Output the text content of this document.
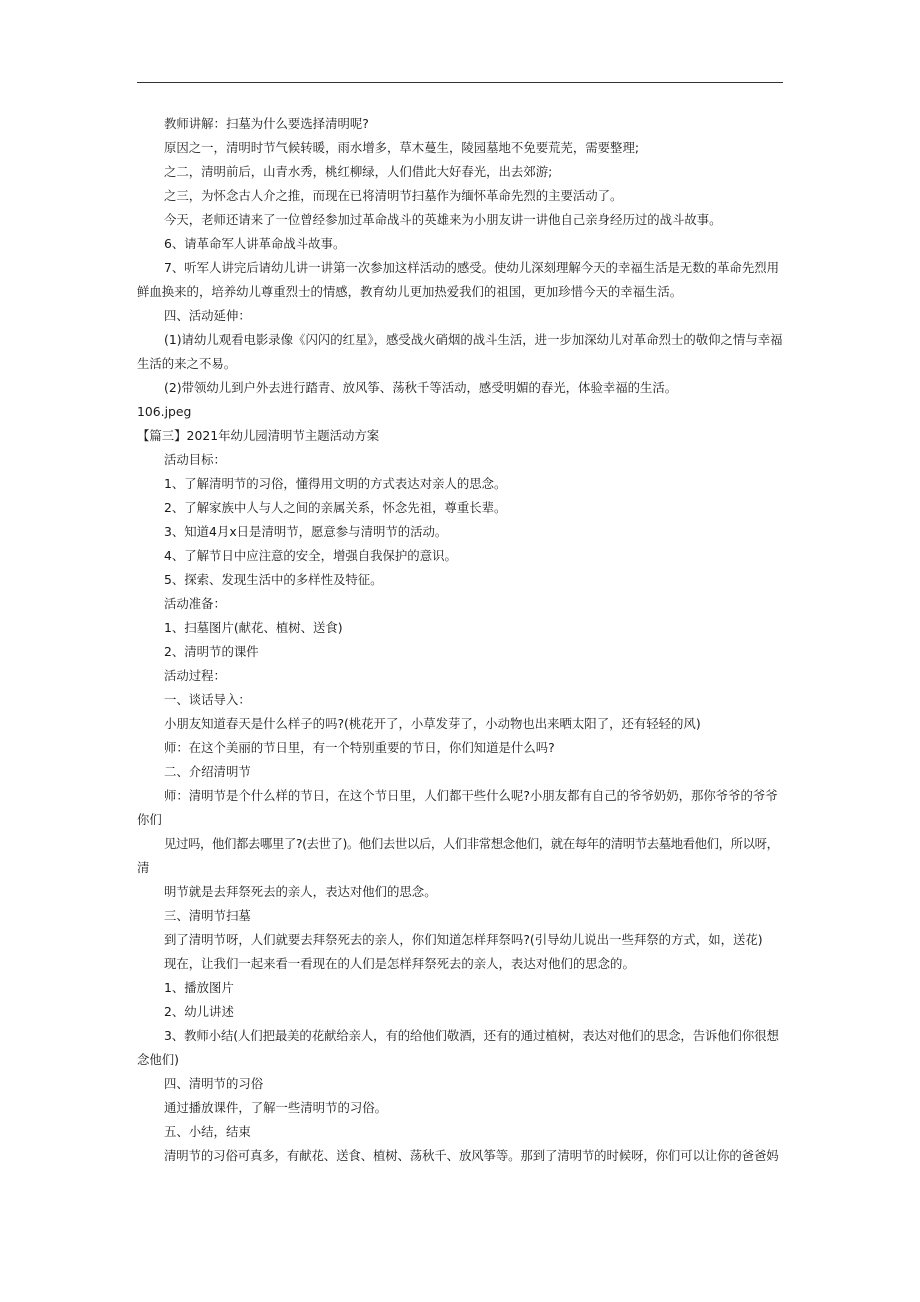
教师讲解：扫墓为什么要选择清明呢?
原因之一，清明时节气候转暖，雨水增多，草木蔓生，陵园墓地不免要荒芜，需要整理;
之二，清明前后，山青水秀，桃红柳绿，人们借此大好春光，出去郊游;
之三，为怀念古人介之推，而现在已将清明节扫墓作为缅怀革命先烈的主要活动了。
今天，老师还请来了一位曾经参加过革命战斗的英雄来为小朋友讲一讲他自己亲身经历过的战斗故事。
6、请革命军人讲革命战斗故事。
7、听军人讲完后请幼儿讲一讲第一次参加这样活动的感受。使幼儿深刻理解今天的幸福生活是无数的革命先烈用
鲜血换来的，培养幼儿尊重烈士的情感，教育幼儿更加热爱我们的祖国，更加珍惜今天的幸福生活。
四、活动延伸：
(1)请幼儿观看电影录像《闪闪的红星》，感受战火硝烟的战斗生活，进一步加深幼儿对革命烈士的敬仰之情与幸福
生活的来之不易。
(2)带领幼儿到户外去进行踏青、放风筝、荡秋千等活动，感受明媚的春光，体验幸福的生活。
106.jpeg
【篇三】2021年幼儿园清明节主题活动方案
活动目标：
1、了解清明节的习俗，懂得用文明的方式表达对亲人的思念。
2、了解家族中人与人之间的亲属关系，怀念先祖，尊重长辈。
3、知道4月x日是清明节，愿意参与清明节的活动。
4、了解节日中应注意的安全，增强自我保护的意识。
5、探索、发现生活中的多样性及特征。
活动准备：
1、扫墓图片(献花、植树、送食)
2、清明节的课件
活动过程：
一、谈话导入：
小朋友知道春天是什么样子的吗?(桃花开了，小草发芽了，小动物也出来晒太阳了，还有轻轻的风)
师：在这个美丽的节日里，有一个特别重要的节日，你们知道是什么吗?
二、介绍清明节
师：清明节是个什么样的节日，在这个节日里，人们都干些什么呢?小朋友都有自己的爷爷奶奶，那你爷爷的爷爷
你们
见过吗，他们都去哪里了?(去世了)。他们去世以后，人们非常想念他们，就在每年的清明节去墓地看他们，所以呀，
清
明节就是去拜祭死去的亲人，表达对他们的思念。
三、清明节扫墓
到了清明节呀，人们就要去拜祭死去的亲人，你们知道怎样拜祭吗?(引导幼儿说出一些拜祭的方式，如，送花)
现在，让我们一起来看一看现在的人们是怎样拜祭死去的亲人，表达对他们的思念的。
1、播放图片
2、幼儿讲述
3、教师小结(人们把最美的花献给亲人，有的给他们敬酒，还有的通过植树，表达对他们的思念，告诉他们你很想
念他们)
四、清明节的习俗
通过播放课件，了解一些清明节的习俗。
五、小结，结束
清明节的习俗可真多，有献花、送食、植树、荡秋千、放风筝等。那到了清明节的时候呀，你们可以让你的爸爸妈
